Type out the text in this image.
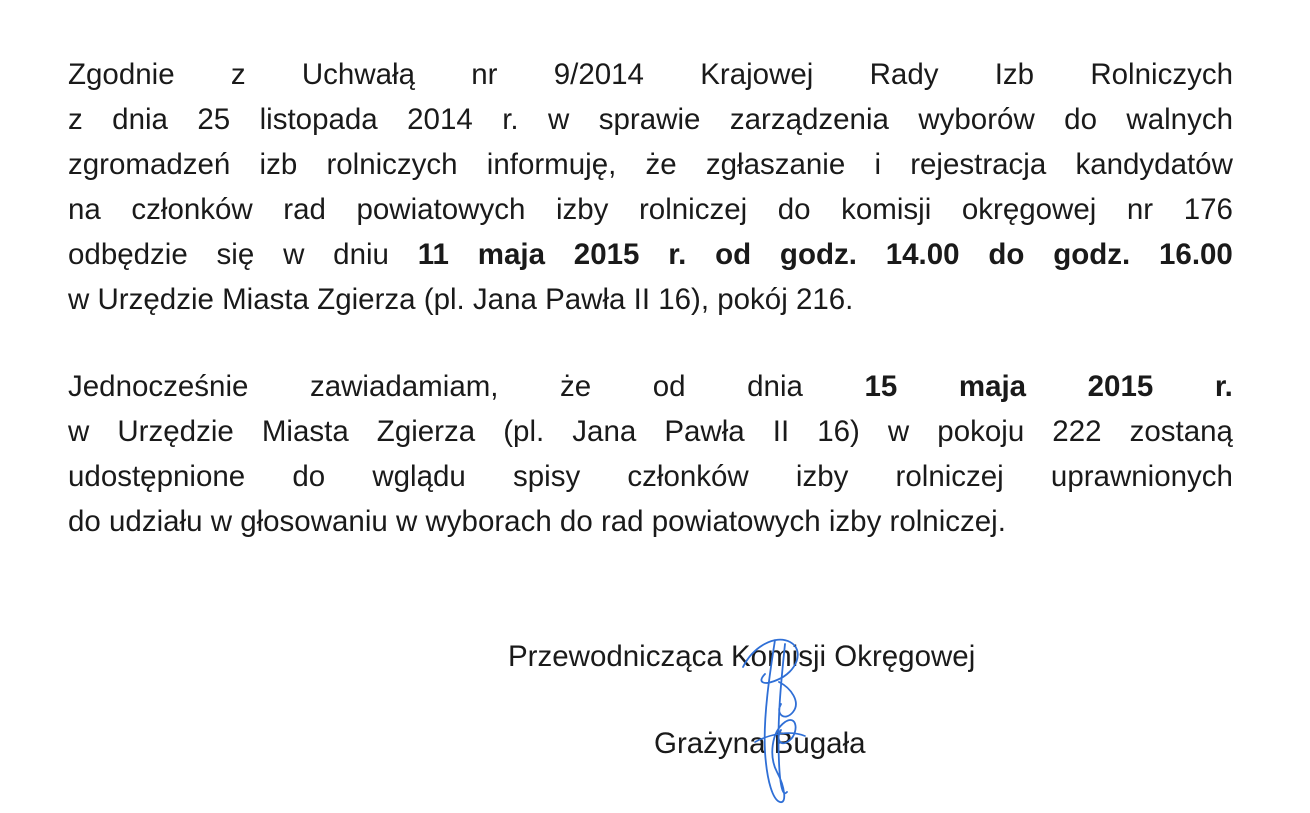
Zgodnie z Uchwałą nr 9/2014 Krajowej Rady Izb Rolniczych
z dnia 25 listopada 2014 r. w sprawie zarządzenia wyborów do walnych
zgromadzeń izb rolniczych informuję, że zgłaszanie i rejestracja kandydatów
na członków rad powiatowych izby rolniczej do komisji okręgowej nr 176
odbędzie się w dniu 11 maja 2015 r. od godz. 14.00 do godz. 16.00
w Urzędzie Miasta Zgierza (pl. Jana Pawła II 16), pokój 216.
Jednocześnie zawiadamiam, że od dnia 15 maja 2015 r.
w Urzędzie Miasta Zgierza (pl. Jana Pawła II 16) w pokoju 222 zostaną
udostępnione do wglądu spisy członków izby rolniczej uprawnionych
do udziału w głosowaniu w wyborach do rad powiatowych izby rolniczej.
Przewodnicząca Komisji Okręgowej
Grażyna Bugała
